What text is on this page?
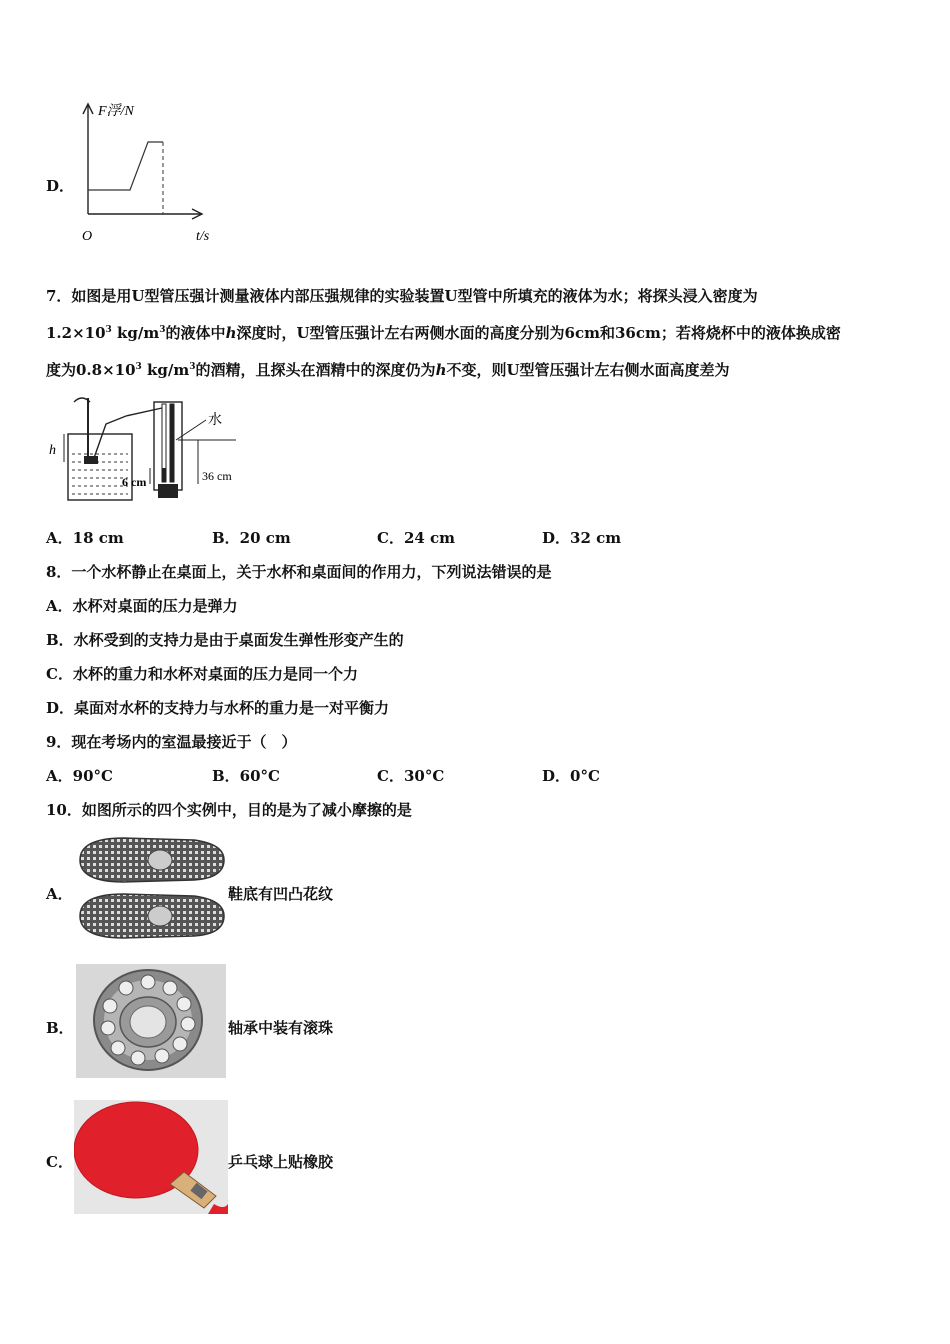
D．
F浮/N
O	t/s
7．如图是用U型管压强计测量液体内部压强规律的实验装置U型管中所填充的液体为水；将探头浸入密度为
$1.2\times 10^3$ $kg/m^3$的液体中h深度时，U型管压强计左右两侧水面的高度分别为6cm和36cm；若将烧杯中的液体换成密
度为$0.8\times 10^3$ $kg/m^3$的酒精，且探头在酒精中的深度仍为h不变，则U型管压强计左右侧水面高度差为
h
水
6 cm	36 cm
A．18 cm	B．20 cm	C．24 cm	D．32 cm
8．一个水杯静止在桌面上，关于水杯和桌面间的作用力，下列说法错误的是
A．水杯对桌面的压力是弹力
B．水杯受到的支持力是由于桌面发生弹性形变产生的
C．水杯的重力和水杯对桌面的压力是同一个力
D．桌面对水杯的支持力与水杯的重力是一对平衡力
9．现在考场内的室温最接近于（　）
A．90°C	B．60°C	C．30°C	D．0°C
10．如图所示的四个实例中，目的是为了减小摩擦的是
A．	鞋底有凹凸花纹
B．	轴承中装有滚珠
C．	乒乓球上贴橡胶
